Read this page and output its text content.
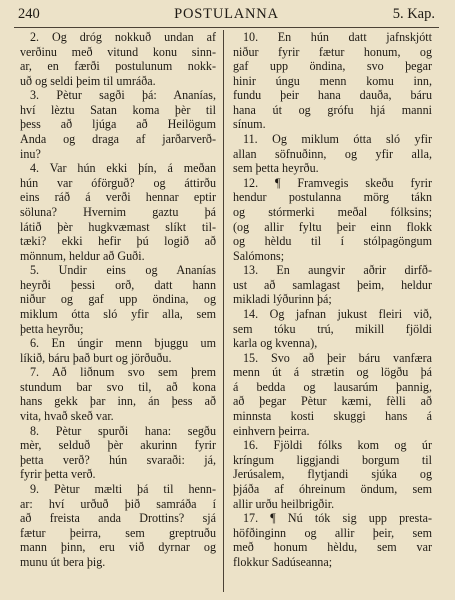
240	POSTULANNA	5. Kap.
2. Og dróg nokkuð undan af
verðinu með vitund konu sinn-
ar, en færði postulunum nokk-
uð og seldi þeim til umráða.
3. Pètur sagði þá: Ananías,
hví lèztu Satan koma þèr til
þess að ljúga að Heilögum
Anda og draga af jarðarverð-
inu?
4. Var hún ekki þín, á meðan
hún var óförguð? og áttirðu
eins ráð á verði hennar eptir
söluna? Hvernim gaztu þá
látið þèr hugkvæmast slíkt til-
tæki? ekki hefir þú logið að
mönnum, heldur að Guði.
5. Undir eins og Ananías
heyrði þessi orð, datt hann
niður og gaf upp öndina, og
miklum ótta sló yfir alla, sem
þetta heyrðu;
6. En úngir menn bjuggu um
líkið, báru það burt og jörðuðu.
7. Að liðnum svo sem þrem
stundum bar svo til, að kona
hans gekk þar inn, án þess að
vita, hvað skeð var.
8. Pètur spurði hana: segðu
mèr, selduð þèr akurinn fyrir
þetta verð? hún svaraði: já,
fyrir þetta verð.
9. Pètur mælti þá til henn-
ar: hví urðuð þið samráða í
að freista anda Drottins? sjá
fætur þeirra, sem greptruðu
mann þinn, eru við dyrnar og
munu út bera þig.
10. En hún datt jafnskjótt
niður fyrir fætur honum, og
gaf upp öndina, svo þegar
hinir úngu menn komu inn,
fundu þeir hana dauða, báru
hana út og grófu hjá manni
sínum.
11. Og miklum ótta sló yfir
allan söfnuðinn, og yfir alla,
sem þetta heyrðu.
12. ¶ Framvegis skeðu fyrir
hendur postulanna mörg tákn
og stórmerki meðal fólksins;
(og allir fyltu þeir einn flokk
og hèldu til í stólpagöngum
Salómons;
13. En aungvir aðrir dirfð-
ust að samlagast þeim, heldur
mikladi lýðurinn þá;
14. Og jafnan jukust fleiri við,
sem tóku trú, mikill fjöldi
karla og kvenna),
15. Svo að þeir báru vanfæra
menn út á strætin og lögðu þá
á bedda og lausarúm þannig,
að þegar Pètur kæmi, fèlli að
minnsta kosti skuggi hans á
einhvern þeirra.
16. Fjöldi fólks kom og úr
kríngum liggjandi borgum til
Jerúsalem, flytjandi sjúka og
þjáða af óhreinum öndum, sem
allir urðu heilbrigðir.
17. ¶ Nú tók sig upp presta-
höfðinginn og allir þeir, sem
með honum hèldu, sem var
flokkur Sadúseanna;
